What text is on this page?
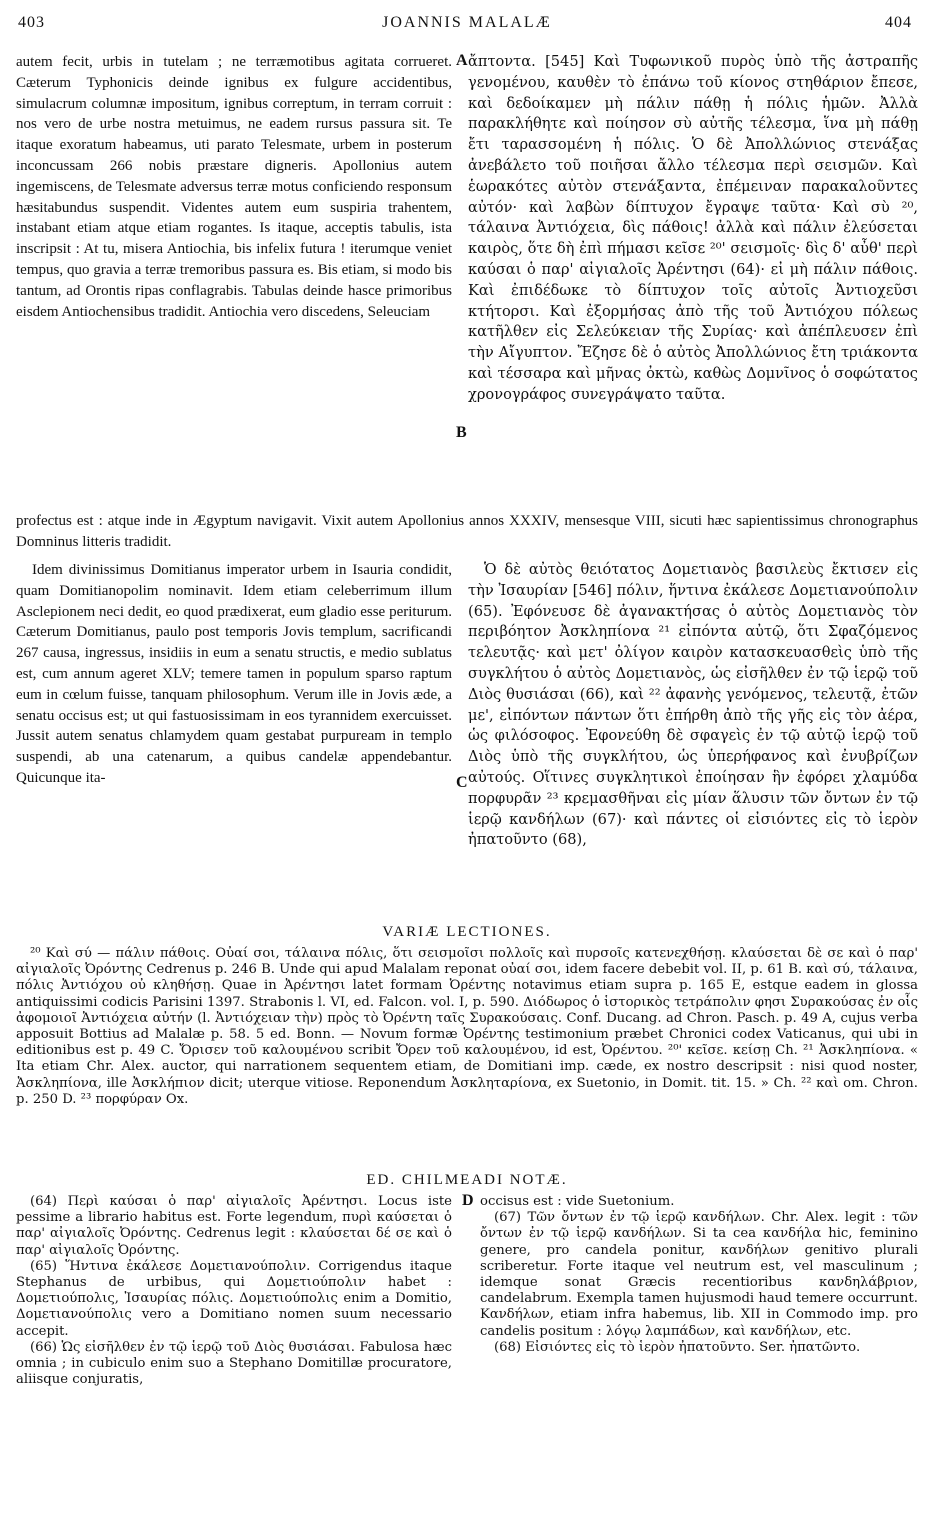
403	JOANNIS MALALÆ	404

autem fecit, urbis in tutelam ; ne terræmotibus agitata corrueret. Cæterum Typhonicis deinde ignibus ex fulgure accidentibus, simulacrum columnæ impositum, ignibus correptum, in terram corruit : nos vero de urbe nostra metuimus, ne eadem rursus passura sit. Te itaque exoratum habeamus, uti parato Telesmate, urbem in posterum inconcussam 266 nobis præstare digneris. Apollonius autem ingemiscens, de Telesmate adversus terræ motus conficiendo responsum hæsitabundus suspendit. Videntes autem eum suspiria trahentem, instabant etiam atque etiam rogantes. Is itaque, acceptis tabulis, ista inscripsit : At tu, misera Antiochia, bis infelix futura ! iterumque veniet tempus, quo gravia a terræ tremoribus passura es. Bis etiam, si modo bis tantum, ad Orontis ripas conflagrabis. Tabulas deinde hasce primoribus eisdem Antiochensibus tradidit. Antiochia vero discedens, Seleuciam

ἄπτοντα. [545] Καὶ Τυφωνικοῦ πυρὸς ὑπὸ τῆς ἀστραπῆς γενομένου, καυθὲν τὸ ἐπάνω τοῦ κίονος στηθάριον ἔπεσε, καὶ δεδοίκαμεν μὴ πάλιν πάθῃ ἡ πόλις ἡμῶν. Ἀλλὰ παρακλήθητε καὶ ποίησον σὺ αὐτῆς τέλεσμα, ἵνα μὴ πάθῃ ἔτι ταρασσομένη ἡ πόλις. Ὁ δὲ Ἀπολλώνιος στενάξας ἀνεβάλετο τοῦ ποιῆσαι ἄλλο τέλεσμα περὶ σεισμῶν. Καὶ ἑωρακότες αὐτὸν στενάξαντα, ἐπέμειναν παρακαλοῦντες αὐτόν· καὶ λαβὼν δίπτυχον ἔγραψε ταῦτα· Καὶ σὺ ²⁰, τάλαινα Ἀντιόχεια, δὶς πάθοις! ἀλλὰ καὶ πάλιν ἐλεύσεται καιρὸς, ὅτε δὴ ἐπὶ πήμασι κεῖσε ²⁰' σεισμοῖς· δὶς δ' αὖθ' περὶ καύσαι ὁ παρ' αἰγιαλοῖς Ἀρέντησι (64)· εἰ μὴ πάλιν πάθοις. Καὶ ἐπιδέδωκε τὸ δίπτυχον τοῖς αὐτοῖς Ἀντιοχεῦσι κτήτορσι. Καὶ ἐξορμήσας ἀπὸ τῆς τοῦ Ἀντιόχου πόλεως κατῆλθεν εἰς Σελεύκειαν τῆς Συρίας· καὶ ἀπέπλευσεν ἐπὶ τὴν Αἴγυπτον. Ἔζησε δὲ ὁ αὐτὸς Ἀπολλώνιος ἔτη τριάκοντα καὶ τέσσαρα καὶ μῆνας ὀκτὼ, καθὼς Δομνῖνος ὁ σοφώτατος χρονογράφος συνεγράψατο ταῦτα.

A
B

profectus est : atque inde in Ægyptum navigavit. Vixit autem Apollonius annos XXXIV, mensesque VIII, sicuti hæc sapientissimus chronographus Domninus litteris tradidit.

Idem divinissimus Domitianus imperator urbem in Isauria condidit, quam Domitianopolim nominavit. Idem etiam celeberrimum illum Asclepionem neci dedit, eo quod prædixerat, eum gladio esse periturum. Cæterum Domitianus, paulo post temporis Jovis templum, sacrificandi 267 causa, ingressus, insidiis in eum a senatu structis, e medio sublatus est, cum annum ageret XLV; temere tamen in populum sparso raptum eum in cœlum fuisse, tanquam philosophum. Verum ille in Jovis æde, a senatu occisus est; ut qui fastuosissimam in eos tyrannidem exercuisset. Jussit autem senatus chlamydem quam gestabat purpuream in templo suspendi, ab una catenarum, a quibus candelæ appendebantur. Quicunque ita-

Ὁ δὲ αὐτὸς θειότατος Δομετιανὸς βασιλεὺς ἔκτισεν εἰς τὴν Ἰσαυρίαν [546] πόλιν, ἥντινα ἐκάλεσε Δομετιανούπολιν (65). Ἐφόνευσε δὲ ἀγανακτήσας ὁ αὐτὸς Δομετιανὸς τὸν περιβόητον Ἀσκληπίονα ²¹ εἰπόντα αὐτῷ, ὅτι Σφαζόμενος τελευτᾷς· καὶ μετ' ὀλίγον καιρὸν κατασκευασθεὶς ὑπὸ τῆς συγκλήτου ὁ αὐτὸς Δομετιανὸς, ὡς εἰσῆλθεν ἐν τῷ ἱερῷ τοῦ Διὸς θυσιάσαι (66), καὶ ²² ἀφανὴς γενόμενος, τελευτᾷ, ἐτῶν με', εἰπόντων πάντων ὅτι ἐπήρθη ἀπὸ τῆς γῆς εἰς τὸν ἀέρα, ὡς φιλόσοφος. Ἐφονεύθη δὲ σφαγεὶς ἐν τῷ αὐτῷ ἱερῷ τοῦ Διὸς ὑπὸ τῆς συγκλήτου, ὡς ὑπερήφανος καὶ ἐνυβρίζων αὐτούς. Οἵτινες συγκλητικοὶ ἐποίησαν ἣν ἐφόρει χλαμύδα πορφυρᾶν ²³ κρεμασθῆναι εἰς μίαν ἅλυσιν τῶν ὄντων ἐν τῷ ἱερῷ κανδήλων (67)· καὶ πάντες οἱ εἰσιόντες εἰς τὸ ἱερὸν ἠπατοῦντο (68),

C
VARIÆ LECTIONES.

²⁰ Καὶ σύ — πάλιν πάθοις. Οὐαί σοι, τάλαινα πόλις, ὅτι σεισμοῖσι πολλοῖς καὶ πυρσοῖς κατενεχθήσῃ. κλαύσεται δὲ σε καὶ ὁ παρ' αἰγιαλοῖς Ὀρόντης Cedrenus p. 246 B. Unde qui apud Malalam reponat οὐαί σοι, idem facere debebit vol. II, p. 61 B. καὶ σύ, τάλαινα, πόλις Ἀντιόχου οὐ κληθήσῃ. Quae in Ἀρέντησι latet formam Ὀρέντης notavimus etiam supra p. 165 E, estque eadem in glossa antiquissimi codicis Parisini 1397. Strabonis l. VI, ed. Falcon. vol. I, p. 590. Διόδωρος ὁ ἱστορικὸς τετράπολιν φησι Συρακούσας ἐν οἷς ἀφομοιοῖ Ἀντιόχεια αὐτήν (l. Ἀντιόχειαν τὴν) πρὸς τὸ Ὀρέντη ταῖς Συρακούσαις. Conf. Ducang. ad Chron. Pasch. p. 49 A, cujus verba apposuit Bottius ad Malalæ p. 58. 5 ed. Bonn. — Novum formæ Ὀρέντης testimonium præbet Chronici codex Vaticanus, qui ubi in editionibus est p. 49 C. Ὄρισεν τοῦ καλουμένου scribit Ὄρεν τοῦ καλουμένου, id est, Ὀρέντου. ²⁰' κεῖσε. κείσῃ Ch. ²¹ Ἀσκληπίονα. « Ita etiam Chr. Alex. auctor, qui narrationem sequentem etiam, de Domitiani imp. cæde, ex nostro descripsit : nisi quod noster, Ἀσκληπίονα, ille Ἀσκλήπιον dicit; uterque vitiose. Reponendum Ἀσκληταρίονα, ex Suetonio, in Domit. tit. 15. » Ch. ²² καὶ om. Chron. p. 250 D. ²³ πορφύραν Ox.

ED. CHILMEADI NOTÆ.

(64) Περὶ καύσαι ὁ παρ' αἰγιαλοῖς Ἀρέντησι. Locus iste pessime a librario habitus est. Forte legendum, πυρὶ καύσεται ὁ παρ' αἰγιαλοῖς Ὀρόντης. Cedrenus legit : κλαύσεται δέ σε καὶ ὁ παρ' αἰγιαλοῖς Ὀρόντης.

(65) Ἥντινα ἐκάλεσε Δομετιανούπολιν. Corrigendus itaque Stephanus de urbibus, qui Δομετιούπολιν habet : Δομετιούπολις, Ἰσαυρίας πόλις. Δομετιούπολις enim a Domitio, Δομετιανούπολις vero a Domitiano nomen suum necessario accepit.

(66) Ὡς εἰσῆλθεν ἐν τῷ ἱερῷ τοῦ Διὸς θυσιάσαι. Fabulosa hæc omnia ; in cubiculo enim suo a Stephano Domitillæ procuratore, aliisque conjuratis,

occisus est : vide Suetonium.

(67) Τῶν ὄντων ἐν τῷ ἱερῷ κανδήλων. Chr. Alex. legit : τῶν ὄντων ἐν τῷ ἱερῷ κανδήλων. Si ta cea κανδήλα hic, feminino genere, pro candela ponitur, κανδήλων genitivo plurali scriberetur. Forte itaque vel neutrum est, vel masculinum ; idemque sonat Græcis recentioribus κανδηλάβριον, candelabrum. Exempla tamen hujusmodi haud temere occurrunt. Κανδήλων, etiam infra habemus, lib. XII in Commodo imp. pro candelis positum : λόγῳ λαμπάδων, καὶ κανδήλων, etc.

(68) Εἰσιόντες εἰς τὸ ἱερὸν ἠπατοῦντο. Ser. ἠπατῶντο.

D
